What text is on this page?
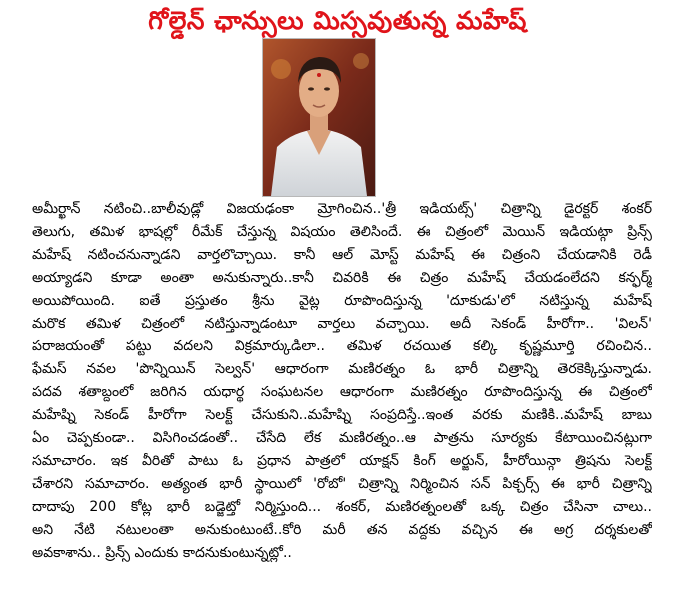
గోల్డెన్ ఛాన్సులు మిస్సవుతున్న మహేష్
అమీర్ఖాన్ నటించి..బాలీవుడ్లో విజయఢంకా మ్రోగించిన..'త్రీ ఇడియట్స్' చిత్రాన్ని డైరక్టర్ శంకర్
తెలుగు, తమిళ భాషల్లో రీమేక్ చేస్తున్న విషయం తెలిసిందే. ఈ చిత్రంలో మెయిన్ ఇడియట్గా ప్రిన్స్
మహేష్ నటించనున్నాడని వార్తలొచ్చాయి. కానీ ఆల్ మోస్ట్ మహేష్ ఈ చిత్రంని చేయడానికి రెడీ
అయ్యాడని కూడా అంతా అనుకున్నారు..కానీ చివరికి ఈ చిత్రం మహేష్ చేయడంలేదని కన్ఫర్మ్
అయిపోయింది. ఐతే ప్రస్తుతం శ్రీను వైట్ల రూపొందిస్తున్న 'దూకుడు'లో నటిస్తున్న మహేష్
మరొక తమిళ చిత్రంలో నటిస్తున్నాడంటూ వార్తలు వచ్చాయి. అదీ సెకండ్ హీరోగా.. 'విలన్'
పరాజయంతో పట్టు వదలని విక్రమార్కుడిలా.. తమిళ రచయిత కల్కి కృష్ణమూర్తి రచించిన..
ఫేమస్ నవల 'పొన్నియిన్ సెల్వన్' ఆధారంగా మణిరత్నం ఓ భారీ చిత్రాన్ని తెరకెక్కిస్తున్నాడు.
పదవ శతాబ్దంలో జరిగిన యధార్థ సంఘటనల ఆధారంగా మణిరత్నం రూపొందిస్తున్న ఈ చిత్రంలో
మహేష్ని సెకండ్ హీరోగా సెలక్ట్ చేసుకుని..మహేష్ని సంప్రదిస్తే..ఇంత వరకు మణికి..మహేష్ బాబు
ఏం చెప్పకుండా.. విసిగించడంతో.. చేసేది లేక మణిరత్నం..ఆ పాత్రను సూర్యకు కేటాయించినట్లుగా
సమాచారం. ఇక వీరితో పాటు ఓ ప్రధాన పాత్రలో యాక్షన్ కింగ్ అర్జున్, హీరోయిన్గా త్రిషను సెలక్ట్
చేశారని సమాచారం. అత్యంత భారీ స్థాయిలో 'రోబో' చిత్రాన్ని నిర్మించిన సన్ పిక్చర్స్ ఈ భారీ చిత్రాన్ని
దాదాపు 200 కోట్ల భారీ బడ్జెట్తో నిర్మిస్తుంది... శంకర్, మణిరత్నంలతో ఒక్క చిత్రం చేసినా చాలు..
అని నేటి నటులంతా అనుకుంటుంటే..కోరి మరీ తన వద్దకు వచ్చిన ఈ అగ్ర దర్శకులతో
అవకాశాను.. ప్రిన్స్ ఎందుకు కాదనుకుంటున్నట్లో..
